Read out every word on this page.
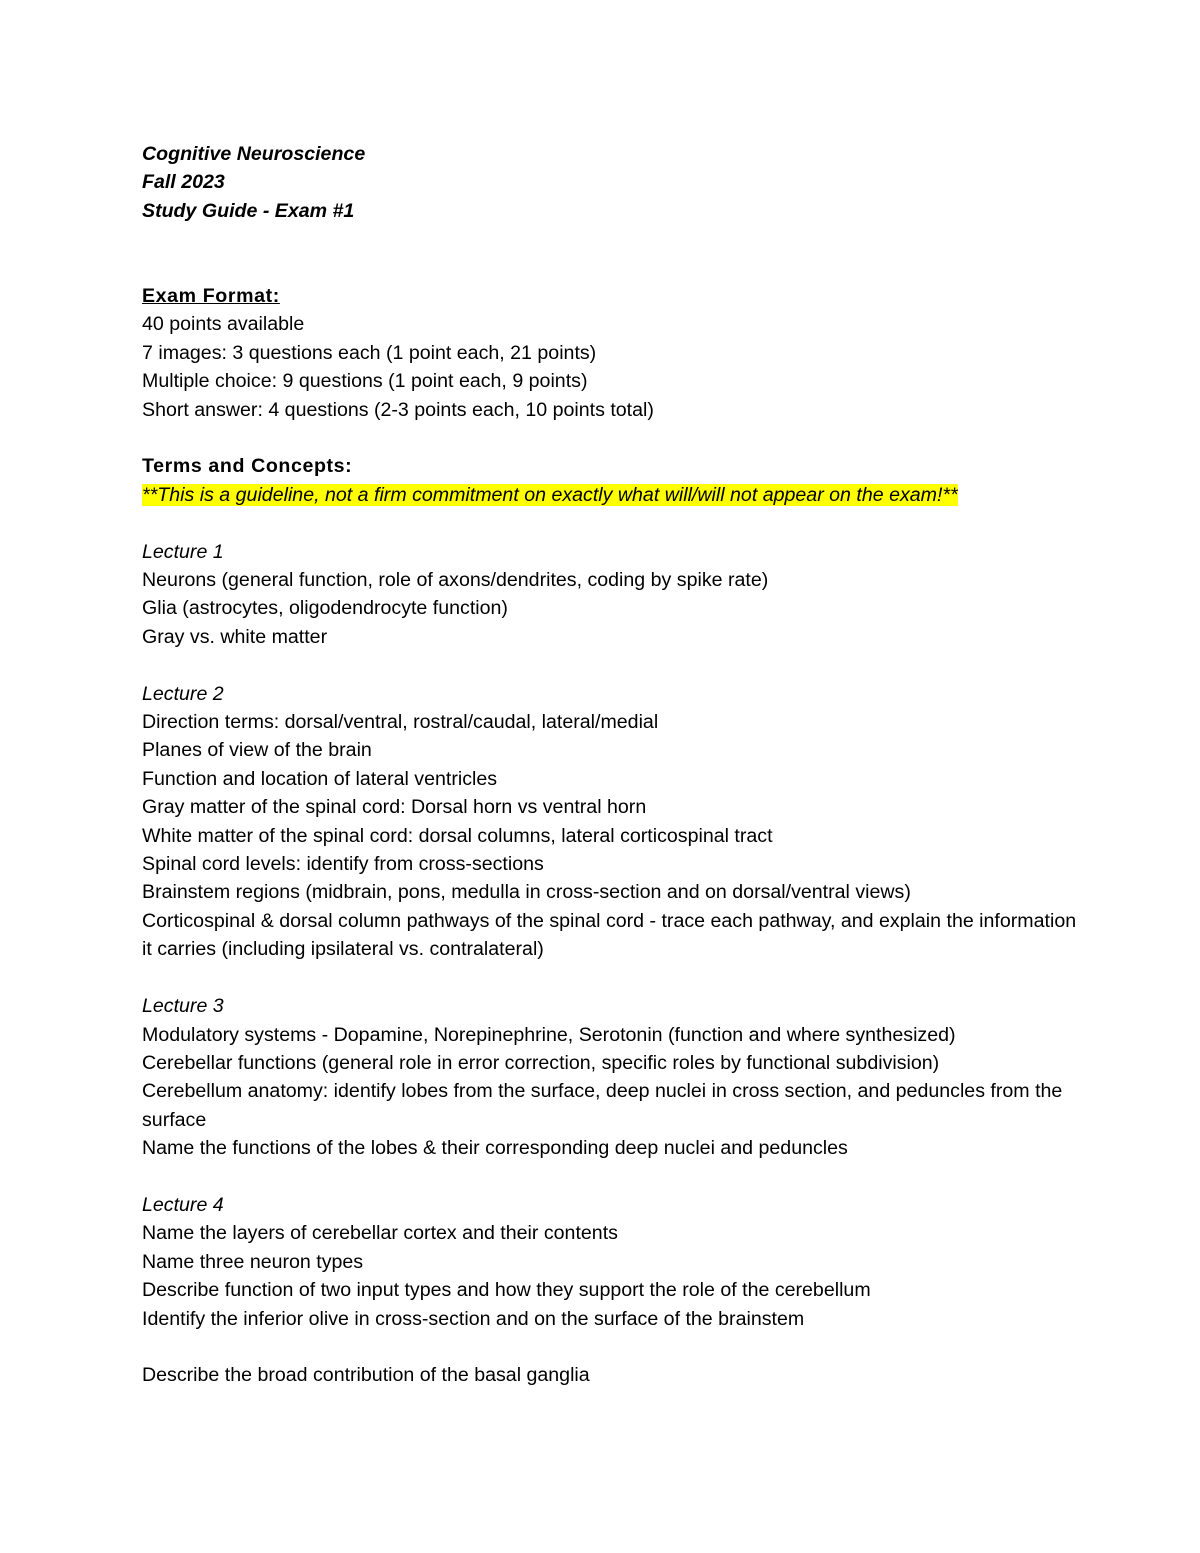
Cognitive Neuroscience
Fall 2023
Study Guide - Exam #1
Exam Format:
40 points available
7 images: 3 questions each (1 point each, 21 points)
Multiple choice: 9 questions (1 point each, 9 points)
Short answer: 4 questions (2-3 points each, 10 points total)
Terms and Concepts:
**This is a guideline, not a firm commitment on exactly what will/will not appear on the exam!**
Lecture 1
Neurons (general function, role of axons/dendrites, coding by spike rate)
Glia (astrocytes, oligodendrocyte function)
Gray vs. white matter
Lecture 2
Direction terms: dorsal/ventral, rostral/caudal, lateral/medial
Planes of view of the brain
Function and location of lateral ventricles
Gray matter of the spinal cord: Dorsal horn vs ventral horn
White matter of the spinal cord: dorsal columns, lateral corticospinal tract
Spinal cord levels: identify from cross-sections
Brainstem regions (midbrain, pons, medulla in cross-section and on dorsal/ventral views)
Corticospinal & dorsal column pathways of the spinal cord - trace each pathway, and explain the information it carries (including ipsilateral vs. contralateral)
Lecture 3
Modulatory systems - Dopamine, Norepinephrine, Serotonin (function and where synthesized)
Cerebellar functions (general role in error correction, specific roles by functional subdivision)
Cerebellum anatomy: identify lobes from the surface, deep nuclei in cross section, and peduncles from the surface
Name the functions of the lobes & their corresponding deep nuclei and peduncles
Lecture 4
Name the layers of cerebellar cortex and their contents
Name three neuron types
Describe function of two input types and how they support the role of the cerebellum
Identify the inferior olive in cross-section and on the surface of the brainstem
Describe the broad contribution of the basal ganglia
